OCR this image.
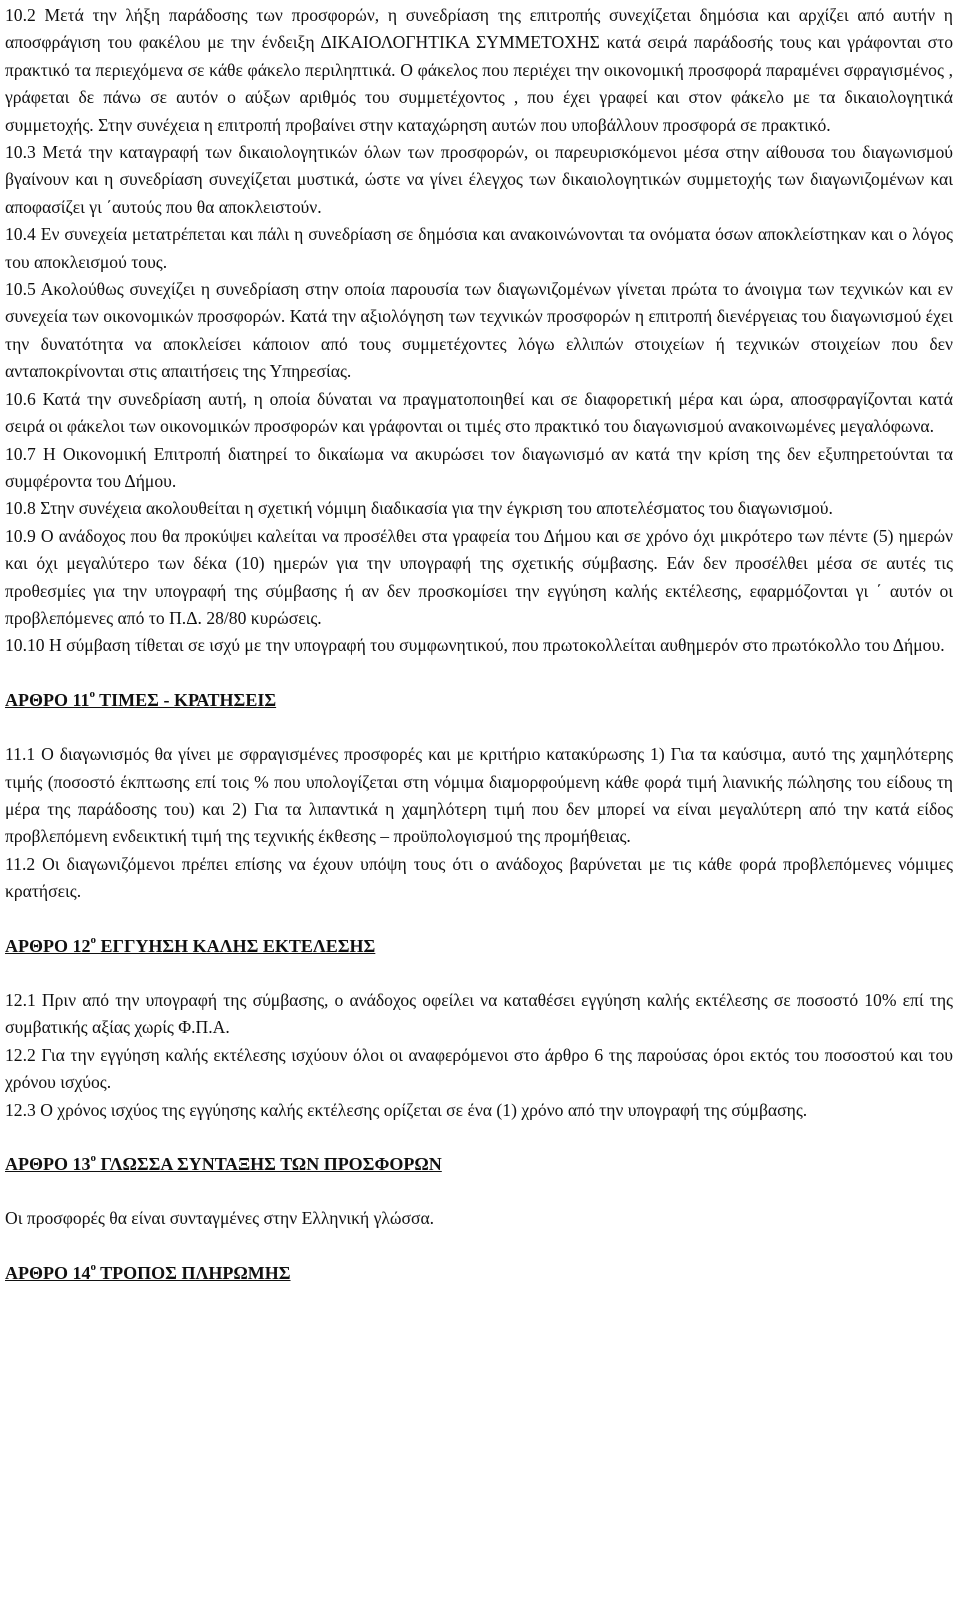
10.2 Μετά την λήξη παράδοσης των προσφορών, η συνεδρίαση της επιτροπής συνεχίζεται δημόσια και αρχίζει από αυτήν η αποσφράγιση του φακέλου με την ένδειξη ΔΙΚΑΙΟΛΟΓΗΤΙΚΑ ΣΥΜΜΕΤΟΧΗΣ κατά σειρά παράδοσής τους και γράφονται στο πρακτικό τα περιεχόμενα σε κάθε φάκελο περιληπτικά. Ο φάκελος που περιέχει την οικονομική προσφορά παραμένει σφραγισμένος , γράφεται δε πάνω σε αυτόν ο αύξων αριθμός του συμμετέχοντος , που έχει γραφεί και στον φάκελο με τα δικαιολογητικά συμμετοχής. Στην συνέχεια η επιτροπή προβαίνει στην καταχώρηση αυτών που υποβάλλουν προσφορά σε πρακτικό.

10.3 Μετά την καταγραφή των δικαιολογητικών όλων των προσφορών, οι παρευρισκόμενοι μέσα στην αίθουσα του διαγωνισμού βγαίνουν και η συνεδρίαση συνεχίζεται μυστικά, ώστε να γίνει έλεγχος των δικαιολογητικών συμμετοχής των διαγωνιζομένων και αποφασίζει γι ΄αυτούς που θα αποκλειστούν.

10.4 Εν συνεχεία μετατρέπεται και πάλι η συνεδρίαση σε δημόσια και ανακοινώνονται τα ονόματα όσων αποκλείστηκαν και ο λόγος του αποκλεισμού τους.

10.5 Ακολούθως συνεχίζει η συνεδρίαση στην οποία παρουσία των διαγωνιζομένων γίνεται πρώτα το άνοιγμα των τεχνικών και εν συνεχεία των οικονομικών προσφορών. Κατά την αξιολόγηση των τεχνικών προσφορών η επιτροπή διενέργειας του διαγωνισμού έχει την δυνατότητα να αποκλείσει κάποιον από τους συμμετέχοντες λόγω ελλιπών στοιχείων ή τεχνικών στοιχείων που δεν ανταποκρίνονται στις απαιτήσεις της Υπηρεσίας.

10.6 Κατά την συνεδρίαση αυτή, η οποία δύναται να πραγματοποιηθεί και σε διαφορετική μέρα και ώρα, αποσφραγίζονται κατά σειρά οι φάκελοι των οικονομικών προσφορών και γράφονται οι τιμές στο πρακτικό του διαγωνισμού ανακοινωμένες μεγαλόφωνα.

10.7 Η Οικονομική Επιτροπή διατηρεί το δικαίωμα να ακυρώσει τον διαγωνισμό αν κατά την κρίση της δεν εξυπηρετούνται τα συμφέροντα του Δήμου.

10.8 Στην συνέχεια ακολουθείται η σχετική νόμιμη διαδικασία για την έγκριση του αποτελέσματος του διαγωνισμού.

10.9 Ο ανάδοχος που θα προκύψει καλείται να προσέλθει στα γραφεία του Δήμου και σε χρόνο όχι μικρότερο των πέντε (5) ημερών και όχι μεγαλύτερο των δέκα (10) ημερών για την υπογραφή της σχετικής σύμβασης. Εάν δεν προσέλθει μέσα σε αυτές τις προθεσμίες για την υπογραφή της σύμβασης ή αν δεν προσκομίσει την εγγύηση καλής εκτέλεσης, εφαρμόζονται γι ΄ αυτόν οι προβλεπόμενες από το Π.Δ. 28/80 κυρώσεις.

10.10 Η σύμβαση τίθεται σε ισχύ με την υπογραφή του συμφωνητικού, που πρωτοκολλείται αυθημερόν στο πρωτόκολλο του Δήμου.

ΑΡΘΡΟ $11^o$ ΤΙΜΕΣ - ΚΡΑΤΗΣΕΙΣ

11.1 Ο διαγωνισμός θα γίνει με σφραγισμένες προσφορές και με κριτήριο κατακύρωσης 1) Για τα καύσιμα, αυτό της χαμηλότερης τιμής (ποσοστό έκπτωσης επί τοις % που υπολογίζεται στη νόμιμα διαμορφούμενη κάθε φορά τιμή λιανικής πώλησης του είδους τη μέρα της παράδοσης του) και 2) Για τα λιπαντικά η χαμηλότερη τιμή που δεν μπορεί να είναι μεγαλύτερη από την κατά είδος προβλεπόμενη ενδεικτική τιμή της τεχνικής έκθεσης – προϋπολογισμού της προμήθειας.

11.2 Οι διαγωνιζόμενοι πρέπει επίσης να έχουν υπόψη τους ότι ο ανάδοχος βαρύνεται με τις κάθε φορά προβλεπόμενες νόμιμες κρατήσεις.

ΑΡΘΡΟ $12^o$ ΕΓΓΥΗΣΗ ΚΑΛΗΣ ΕΚΤΕΛΕΣΗΣ

12.1 Πριν από την υπογραφή της σύμβασης, ο ανάδοχος οφείλει να καταθέσει εγγύηση καλής εκτέλεσης σε ποσοστό 10% επί της συμβατικής αξίας χωρίς Φ.Π.Α.

12.2 Για την εγγύηση καλής εκτέλεσης ισχύουν όλοι οι αναφερόμενοι στο άρθρο 6 της παρούσας όροι εκτός του ποσοστού και του χρόνου ισχύος.

12.3 Ο χρόνος ισχύος της εγγύησης καλής εκτέλεσης ορίζεται σε ένα (1) χρόνο από την υπογραφή της σύμβασης.

ΑΡΘΡΟ $13^o$ ΓΛΩΣΣΑ ΣΥΝΤΑΞΗΣ ΤΩΝ ΠΡΟΣΦΟΡΩΝ

Οι προσφορές θα είναι συνταγμένες στην Ελληνική γλώσσα.

ΑΡΘΡΟ $14^o$ ΤΡΟΠΟΣ ΠΛΗΡΩΜΗΣ
